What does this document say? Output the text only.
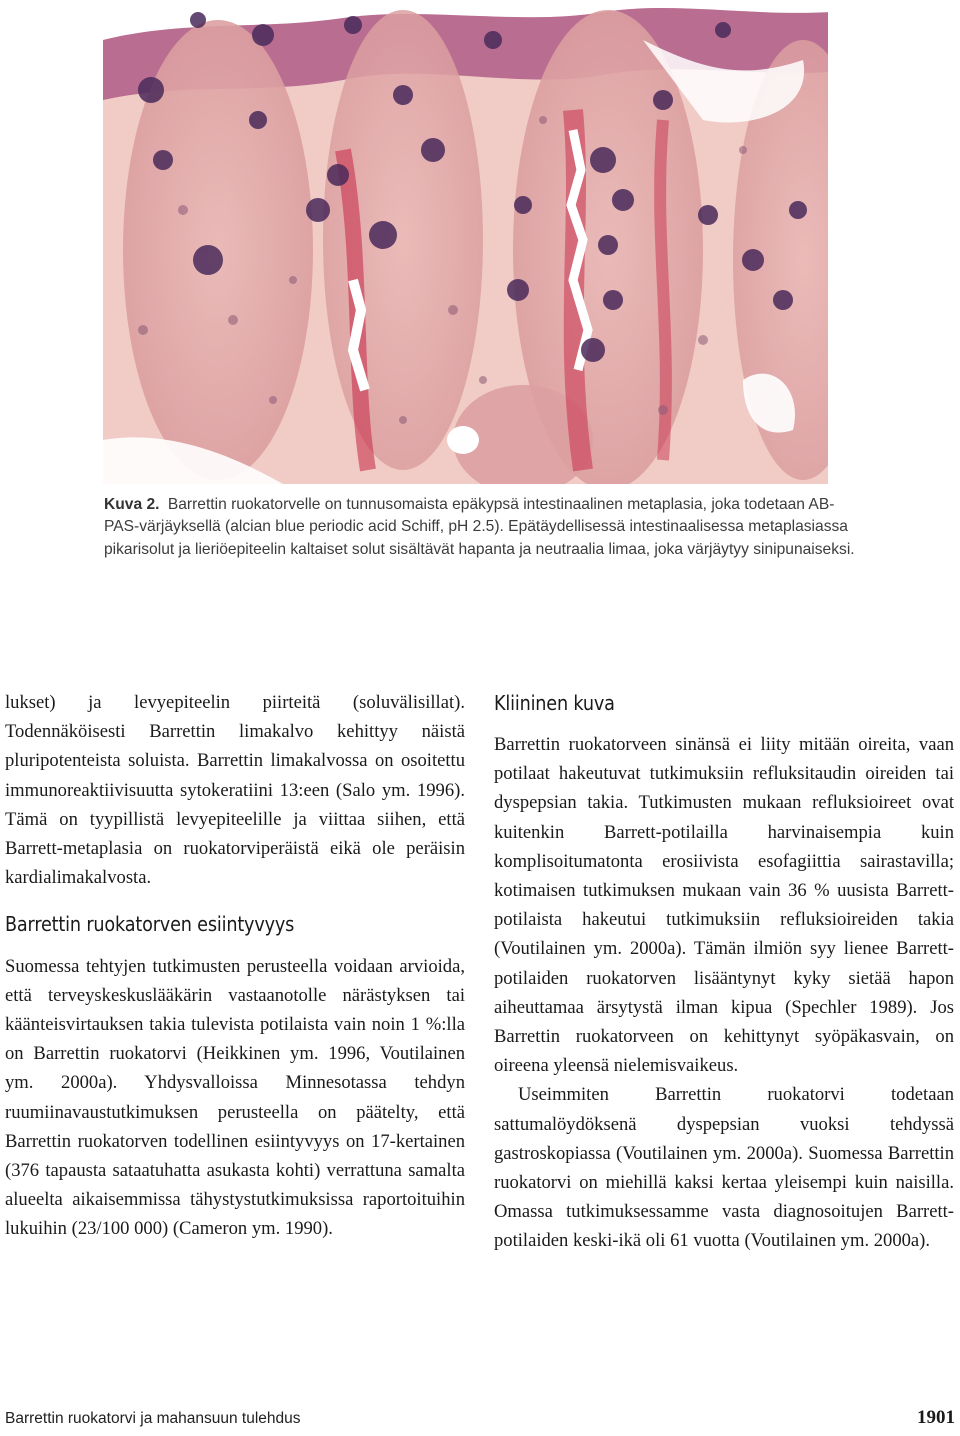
Kuva 2. Barrettin ruokatorvelle on tunnusomaista epäkypsä intestinaalinen metaplasia, joka todetaan AB-PAS-värjäyksellä (alcian blue periodic acid Schiff, pH 2.5). Epätäydellisessä intestinaalisessa metaplasiassa pikarisolut ja lieriöepiteelin kaltaiset solut sisältävät hapanta ja neutraalia limaa, joka värjäytyy sinipunaiseksi.

lukset) ja levyepiteelin piirteitä (soluvälisillat). Todennäköisesti Barrettin limakalvo kehittyy näistä pluripotenteista soluista. Barrettin limakalvossa on osoitettu immunoreaktiivisuutta sytokeratiini 13:een (Salo ym. 1996). Tämä on tyypillistä levyepiteelille ja viittaa siihen, että Barrett-metaplasia on ruokatorviperäistä eikä ole peräisin kardialimakalvosta.

Barrettin ruokatorven esiintyvyys

Suomessa tehtyjen tutkimusten perusteella voidaan arvioida, että terveyskeskuslääkärin vastaanotolle närästyksen tai käänteisvirtauksen takia tulevista potilaista vain noin 1 %:lla on Barrettin ruokatorvi (Heikkinen ym. 1996, Voutilainen ym. 2000a). Yhdysvalloissa Minnesotassa tehdyn ruumiinavaustutkimuksen perusteella on päätelty, että Barrettin ruokatorven todellinen esiintyvyys on 17-kertainen (376 tapausta sataatuhatta asukasta kohti) verrattuna samalta alueelta aikaisemmissa tähystystutkimuksissa raportoituihin lukuihin (23/100 000) (Cameron ym. 1990).

Kliininen kuva

Barrettin ruokatorveen sinänsä ei liity mitään oireita, vaan potilaat hakeutuvat tutkimuksiin refluksitaudin oireiden tai dyspepsian takia. Tutkimusten mukaan refluksioireet ovat kuitenkin Barrett-potilailla harvinaisempia kuin komplisoitumatonta erosiivista esofagiittia sairastavilla; kotimaisen tutkimuksen mukaan vain 36 % uusista Barrett-potilaista hakeutui tutkimuksiin refluksioireiden takia (Voutilainen ym. 2000a). Tämän ilmiön syy lienee Barrett-potilaiden ruokatorven lisääntynyt kyky sietää hapon aiheuttamaa ärsytystä ilman kipua (Spechler 1989). Jos Barrettin ruokatorveen on kehittynyt syöpäkasvain, on oireena yleensä nielemisvaikeus.

Useimmiten Barrettin ruokatorvi todetaan sattumalöydöksenä dyspepsian vuoksi tehdyssä gastroskopiassa (Voutilainen ym. 2000a). Suomessa Barrettin ruokatorvi on miehillä kaksi kertaa yleisempi kuin naisilla. Omassa tutkimuksessamme vasta diagnosoitujen Barrett-potilaiden keski-ikä oli 61 vuotta (Voutilainen ym. 2000a).

Barrettin ruokatorvi ja mahansuun tulehdus	1901
